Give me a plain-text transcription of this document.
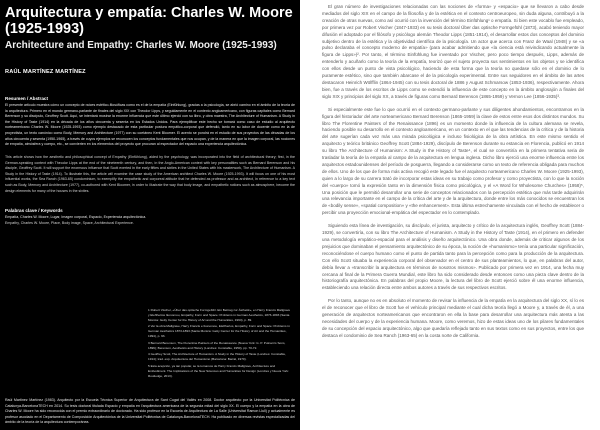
Arquitectura y empatía: Charles W. Moore (1925-1993)
Architecture and Empathy: Charles W. Moore (1925-1993)

RAÚL MARTÍNEZ MARTÍNEZ

Resumen / Abstract

El presente artículo muestra cómo un concepto de raíces estético-filosóficas como es el de la empatía (Einfühlung), gracias a la psicología, se abrió camino en el ámbito de la teoría de la arquitectura. Primero en el mundo germano-parlante de finales del siglo XIX con Theodor Lipps, y seguidamente en el contexto angloamericano, con figuras capitales como Bernard Berenson y su discípulo, Geoffrey Scott. Aquí, se intentará mostrar la enorme influencia que este último ejerció con su libro, y obra maestra, The Architecture of Humanism. A Study in the History of Taste (1914) en la década de los años cincuenta y sesenta en los Estados Unidos. Para ejemplificar este hecho se tomará como caso de estudio al arquitecto norteamericano Charles W. Moore (1925-1993) como ejemplo destacado de esta particular postura empático-corporal que defendió, tanto en su labor de docente como en la de proyectista, un texto canónico como Body, Memory and Architecture (1977) con su coetáneo Kent Bloomer. El acento se pondrá en el estudio de sus proyectos de las décadas de los años cincuenta y sesenta (1950-1965), a través de cuyos ejemplos se reconocen los conceptos fundamentales que nos ocupan, y de la manera en que la imagen corporal, las nociones de empatía, atmósfera y cuerpo, etc., se convierten en los elementos del proyecto que procuran al espectador del espacio una experiencia arquitectónica.

This article shows how the aesthetic and philosophical concept of Empathy (Einfühlung), aided by the psychology, was incorporated into the field of architectural theory; first, in the German-speaking context with Theodor Lipps at the end of the nineteenth century, and then, in the Anglo-American context with key personalities such as Bernard Berenson and his disciple, Geoffrey Scott. It will support the enormous influence that Scott exerted in the early fifties and sixties in the United States with his masterwork, The Architecture of Humanism. A Study in the History of Taste (1914). To illustrate this, the article will examine the case study of the American architect Charles W. Moore (1925-1993). It will focus on one of his most influential works, the Sea Ranch (1963-65) condominium, to exemplify the empathetic and corporeal attitude that he defended as professor and as architect, in reference to a key text such as Body, Memory and Architecture (1977), co-authored with Kent Bloomer, in order to illustrate the way that body image, and empathetic notions such as atmosphere, become the design elements for many of the houses in the sixties.

Palabras clave / Keywords

Empatía, Charles W. Moore, Lugar, Imagen corporal, Espacio, Experiencia arquitectónica.

Empathy, Charles W. Moore, Place, Body image, Space, Architectural Experience.

1 Robert Vischer, «Über das optische Formgefühl. Ein Beitrag zur Ästhetik», en Harry Francis Mallgrave y Eleftherios Ikonomou, Empathy, Form and Space: Problems in German Aesthetics, 1873-1893 (Santa Monica: Getty Center for the History of Art and the Humanities, 1994), p. 89.
2 Ver la obra Mallgrave, Harry Francis e Ikonomou, Eleftherios, Empathy, Form and Space: Problems in German Aesthetics 1873-1893 (Santa Monica: Getty Center for the History of Art and the Humanities, 1994), p. 93.
3 Bernard Berenson, The Florentine Painters of the Renaissance (Nueva York: G. P. Putnam's Sons, 1896); Berenson, Aesthetics and History (Londres: Constable, 1950), pp. 70-72.
4 Geoffrey Scott, The Architecture of Humanism. A Study in the History of Taste (Londres: Constable, 1914); trad. esp. Arquitectura del Humanismo (Barcelona: Barral, 1970).
5 Esta acepción, ya tan popular, se la tomamos de Harry Francis Mallgrave, Architecture and Embodiment. The Implications of the New Sciences and Humanities for Design (Londres y Nueva York: Routledge, 2013).

Raúl Martínez Martínez (1983). Arquitecto por la Escuela Técnica Superior de Arquitectura de Sant Cugat del Vallès en 2008. Doctor arquitecto por la Universitat Politècnica de Catalunya-BarcelonaTECH en 2014. Su tesis doctoral titulada Espacio y empatía en l'arquitectura americana de la segunda mitad del siglo XX. El cuerpo y la empatía en la obra de Charles W. Moore ha sido reconocida con el premio extraordinario de doctorado. Ha sido profesor en la Escuela de Arquitectura de La Salle (Universitat Ramon Llull) y actualmente es profesor asociado en el Departamento de Composición Arquitectónica de la Universitat Politècnica de Catalunya-BarcelonaTECH. Ha publicado en diversas revistas especializadas del ámbito de la teoría de la arquitectura contemporánea.

El gran número de investigaciones relacionadas con las nociones de «forma» y «espacio» que se llevaron a cabo desde mediados del siglo XIX en el campo de la filosofía y de la estética en el contexto centroeuropeo, sin duda alguna, contribuyó a la creación de otras nuevas, como así ocurrió con la invención del término Einfühlung¹ o empatía. Si bien este vocablo fue empleado, por primera vez por Robert Vischer (1847-1933) en su tesis doctoral Über das optische Formgefühl (1873), acabó teniendo mayor difusión el adoptado por el filósofo y psicólogo alemán Theodor Lipps (1851-1914), el desarrollar estos dos conceptos del dominio subjetivo dentro de la estética y la objetividad científica de la psicología. Un actor que acerca con Franz de Waal (1948) y se «a pulso declaraba el concepto moderno de empatía» (para acabar admitiendo que «la ciencia está reivindicando actualmente la figura de Lipps»)². Por tanto, el término Einfühlung fue inventado por Vischer, pero poco tiempo después, Lipps, además de entenderlo y acuñarlo como la teoría de la empatía, teorizó que el sujeto proyecta sus sentimientos en los objetos y se identifica con ellos desde un punto de vista psicológico, haciendo de esta forma que la teoría no quedase sólo en el dominio de lo puramente estético, sino que también abarcase el de la psicología experimental. Entre sus seguidores en el ámbito de las artes destacaron Heinrich Wölfflin (1864-1945) con su tesis doctoral de 1886 y August Schmarsow (1853-1936), respectivamente. Ahora bien, fue a través de los escritos de Lipps como se extendió la influencia de este concepto en la ámbito anglosajón a finales del siglo XIX y principios del siglo XX, a través de figuras como Bernard Berenson (1865-1959) y Vernon Lee (1856-1935)³.

Si especialmente este fue lo que ocurrió en el contexto germano-parlante y sus diligentes ahondamientos, encontramos en la figura del historiador del arte norteamericano Bernard Berenson (1865-1959) la clave de estos entre esos dos distintos mundos. Su libro The Florentine Painters of the Renaissance (1896) es un momento donde la influencia de la cultura alemana se revela, haciendo posible su desarrollo en el contexto angloamericano, en un contexto en el que las tendencias de la crítica y de la historia del arte sugerían cada vez más una mirada psicológica e incluso fisiológica de la obra artística. En este mismo sentido el arquitecto y teórico británico Geoffrey Scott (1884-1929), discípulo de Berenson durante su estancia en Florencia, publicó en 1914 su libro The Architecture of Humanism: A Study in the History of Taste⁴, el cual se convertiría en la primera tentativa seria de trasladar la teoría de la empatía al campo de la arquitectura en lengua inglesa. Dicho libro ejerció una enorme influencia entre los arquitectos estadounidenses del período de posguerra, llegando a considerarse como un texto de referencia obligada para muchos de ellos. Uno de los que de forma más activa recogió este legado fue el arquitecto norteamericano Charles W. Moore (1925-1993), quien a lo largo de su carrera trató de incorporar estas ideas en su trabajo como profesor y como proyectista, con lo que la noción del «cuerpo» tomó la expresión tanto en la dimensión física como psicológica, y el «A Word for Wholesome Churches» (1958)⁵, Una posición que le permitió desarrollar una serie de conceptos relacionados con la percepción estética que más tarde adquirirán una relevancia importante en el campo de la crítica del arte y de la arquitectura, donde entre los más conocidos se encuentran los de «bodily sense», «spatial composition» y «the enhancement». Esta última estrechamente vinculada con el hecho de establecer o percibir una proyección emocional-empática del espectador en lo contemplado.

Siguiendo esta línea de investigación, su discípulo, el jurista, arquitecto y crítico de la arquitectura inglés, Geoffrey Scott (1884-1929), se convertiría, con su libro The Architecture of Humanism. A Study in the History of Taste (1914), en el primero en defender una metodología empático-espacial para el análisis y diseño arquitectónico. Una obra donde, además de criticar algunos de los prejuicios que dominaban el pensamiento arquitectónico de su época, la noción de «humanismo» tenía una particular significación, reconociéndose el cuerpo humano como el punto de partida tanto para la percepción como para la producción de la arquitectura. Con ello Scott situaba la experiencia corporal del observador en el centro de sus planteamientos, lo que, en palabras del autor, debía llevar a «transcribir la arquitectura en términos de nosotros mismos». Publicado por primera vez en 1914, una fecha muy cercana al final de la Primera Guerra Mundial, este libro ha sido considerado desde entonces como una pieza clave dentro de la historiografía arquitectónica. En palabras del propio Moore, la lectura del libro de Scott ejerció sobre él una enorme influencia, estableciendo una relación directa entre ambos autores a través de sus respectivos escritos.

Por lo tanto, aunque no es en absoluto el momento de revisar la influencia de la empatía en la arquitectura del siglo XX, sí lo es el de reconocer que el libro de Scott fue el vehículo principal mediante el cual dicha teoría llegó a Moore y, a través de él, a una generación de arquitectos norteamericanos que encontraron en ella la base para desarrollar una arquitectura más atenta a las necesidades del cuerpo y de la experiencia humana. Moore, como veremos, hizo de estas ideas uno de los pilares fundamentales de su concepción del espacio arquitectónico, algo que quedaría reflejado tanto en sus textos como en sus proyectos, entre los que destaca el condominio de Sea Ranch (1963-65) en la costa norte de California.
